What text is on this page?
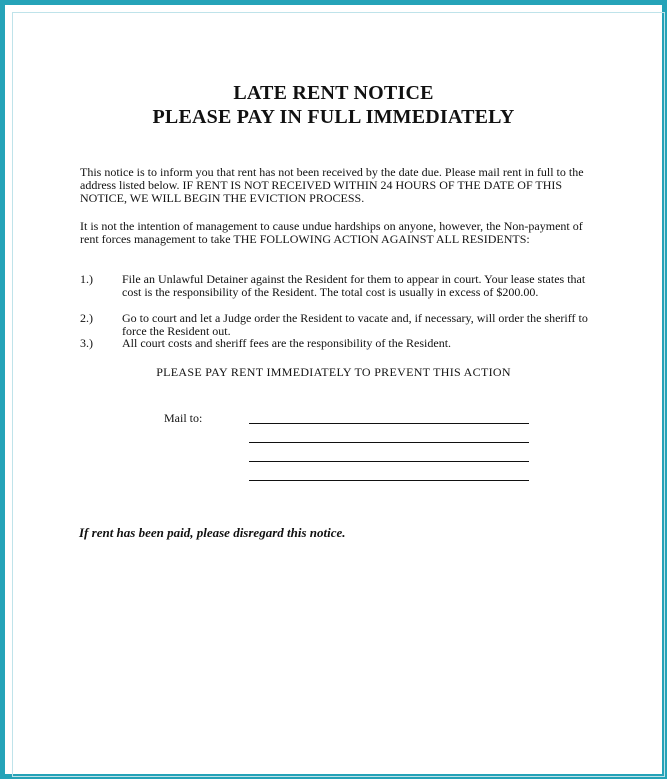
LATE RENT NOTICE
PLEASE PAY IN FULL IMMEDIATELY
This notice is to inform you that rent has not been received by the date due. Please mail rent in full to the address listed below. IF RENT IS NOT RECEIVED WITHIN 24 HOURS OF THE DATE OF THIS NOTICE, WE WILL BEGIN THE EVICTION PROCESS.
It is not the intention of management to cause undue hardships on anyone, however, the Non-payment of rent forces management to take THE FOLLOWING ACTION AGAINST ALL RESIDENTS:
1.)	File an Unlawful Detainer against the Resident for them to appear in court. Your lease states that cost is the responsibility of the Resident. The total cost is usually in excess of $200.00.
2.)	Go to court and let a Judge order the Resident to vacate and, if necessary, will order the sheriff to force the Resident out.
3.)	All court costs and sheriff fees are the responsibility of the Resident.
PLEASE PAY RENT IMMEDIATELY TO PREVENT THIS ACTION
Mail to:
If rent has been paid, please disregard this notice.
